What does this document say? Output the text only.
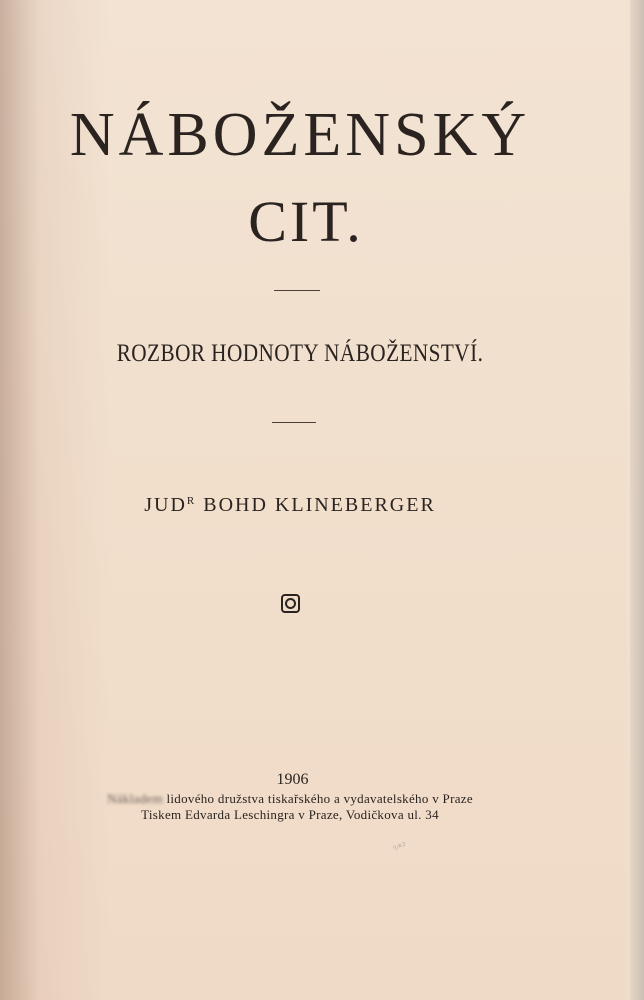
NÁBOŽENSKÝ
CIT.
ROZBOR HODNOTY NÁBOŽENSTVÍ.
$JUD^R$ BOHD KLINEBERGER
1906
Nákladem lidového družstva tiskařského a vydavatelského v Praze
Tiskem Edvarda Leschingra v Praze, Vodičkova ul. 34
ᵃ⁄ᵃ²
